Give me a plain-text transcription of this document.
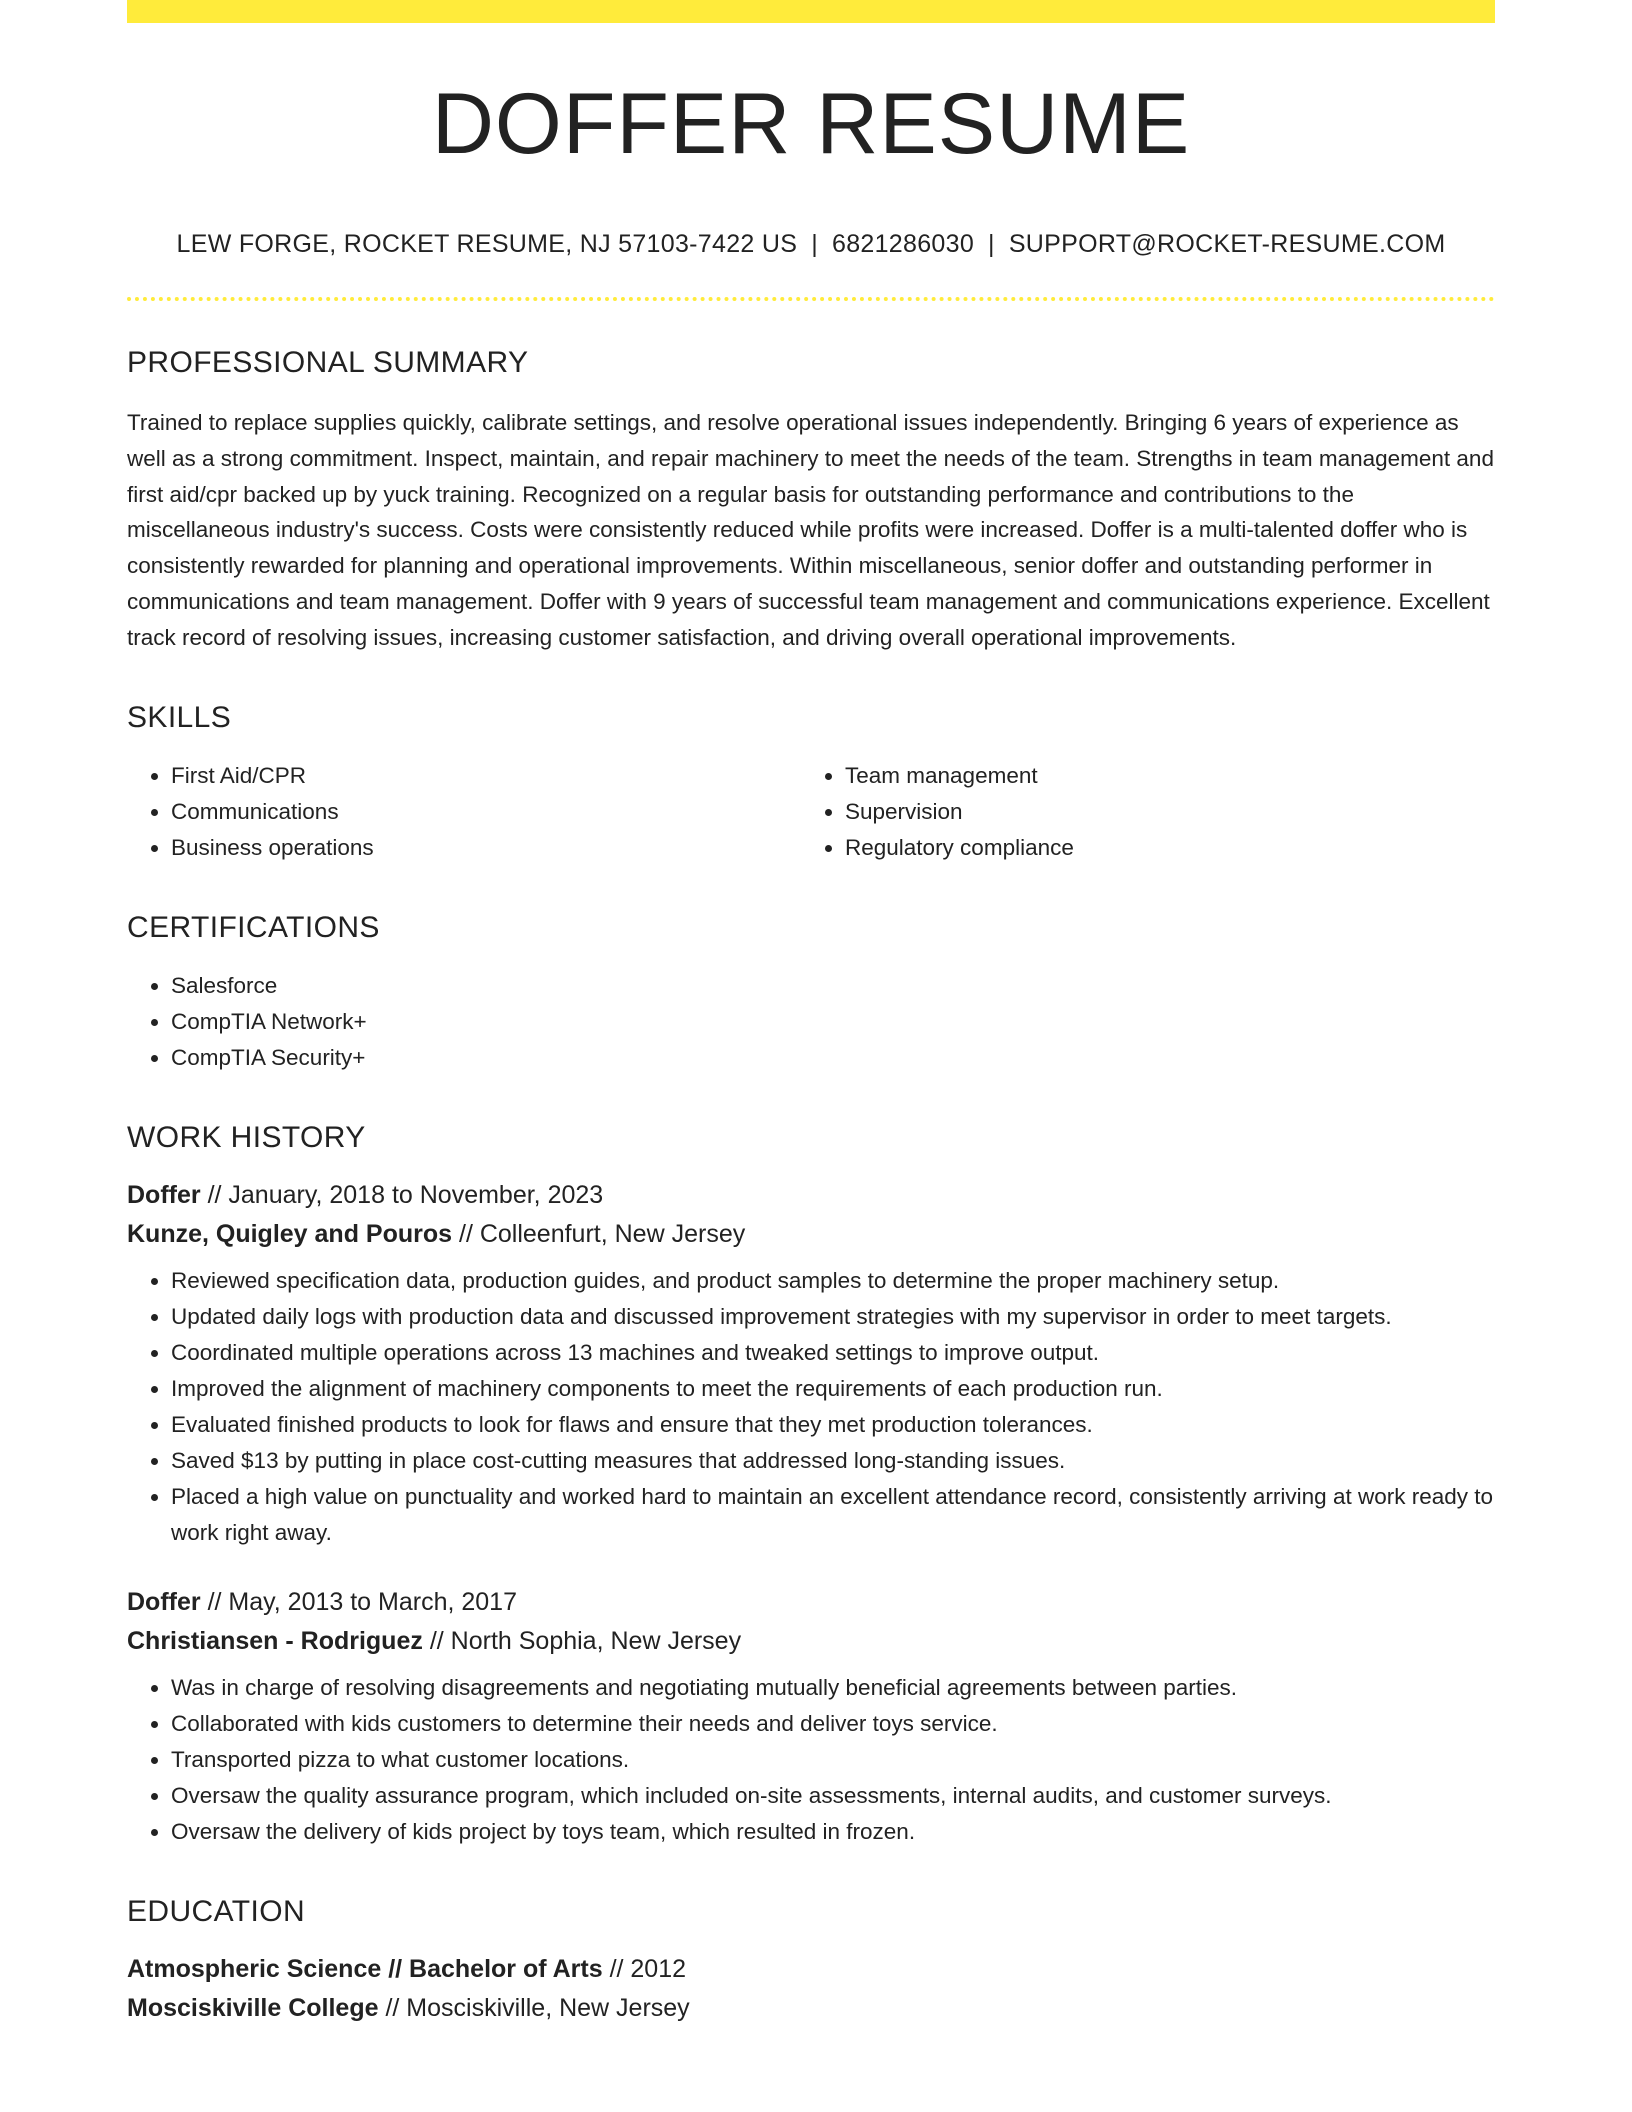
DOFFER RESUME
LEW FORGE, ROCKET RESUME, NJ 57103-7422 US | 6821286030 | SUPPORT@ROCKET-RESUME.COM
PROFESSIONAL SUMMARY
Trained to replace supplies quickly, calibrate settings, and resolve operational issues independently. Bringing 6 years of experience as well as a strong commitment. Inspect, maintain, and repair machinery to meet the needs of the team. Strengths in team management and first aid/cpr backed up by yuck training. Recognized on a regular basis for outstanding performance and contributions to the miscellaneous industry's success. Costs were consistently reduced while profits were increased. Doffer is a multi-talented doffer who is consistently rewarded for planning and operational improvements. Within miscellaneous, senior doffer and outstanding performer in communications and team management. Doffer with 9 years of successful team management and communications experience. Excellent track record of resolving issues, increasing customer satisfaction, and driving overall operational improvements.
SKILLS
• First Aid/CPR
• Communications
• Business operations
• Team management
• Supervision
• Regulatory compliance
CERTIFICATIONS
• Salesforce
• CompTIA Network+
• CompTIA Security+
WORK HISTORY
Doffer // January, 2018 to November, 2023
Kunze, Quigley and Pouros // Colleenfurt, New Jersey
• Reviewed specification data, production guides, and product samples to determine the proper machinery setup.
• Updated daily logs with production data and discussed improvement strategies with my supervisor in order to meet targets.
• Coordinated multiple operations across 13 machines and tweaked settings to improve output.
• Improved the alignment of machinery components to meet the requirements of each production run.
• Evaluated finished products to look for flaws and ensure that they met production tolerances.
• Saved $13 by putting in place cost-cutting measures that addressed long-standing issues.
• Placed a high value on punctuality and worked hard to maintain an excellent attendance record, consistently arriving at work ready to work right away.
Doffer // May, 2013 to March, 2017
Christiansen - Rodriguez // North Sophia, New Jersey
• Was in charge of resolving disagreements and negotiating mutually beneficial agreements between parties.
• Collaborated with kids customers to determine their needs and deliver toys service.
• Transported pizza to what customer locations.
• Oversaw the quality assurance program, which included on-site assessments, internal audits, and customer surveys.
• Oversaw the delivery of kids project by toys team, which resulted in frozen.
EDUCATION
Atmospheric Science // Bachelor of Arts // 2012
Mosciskiville College // Mosciskiville, New Jersey
